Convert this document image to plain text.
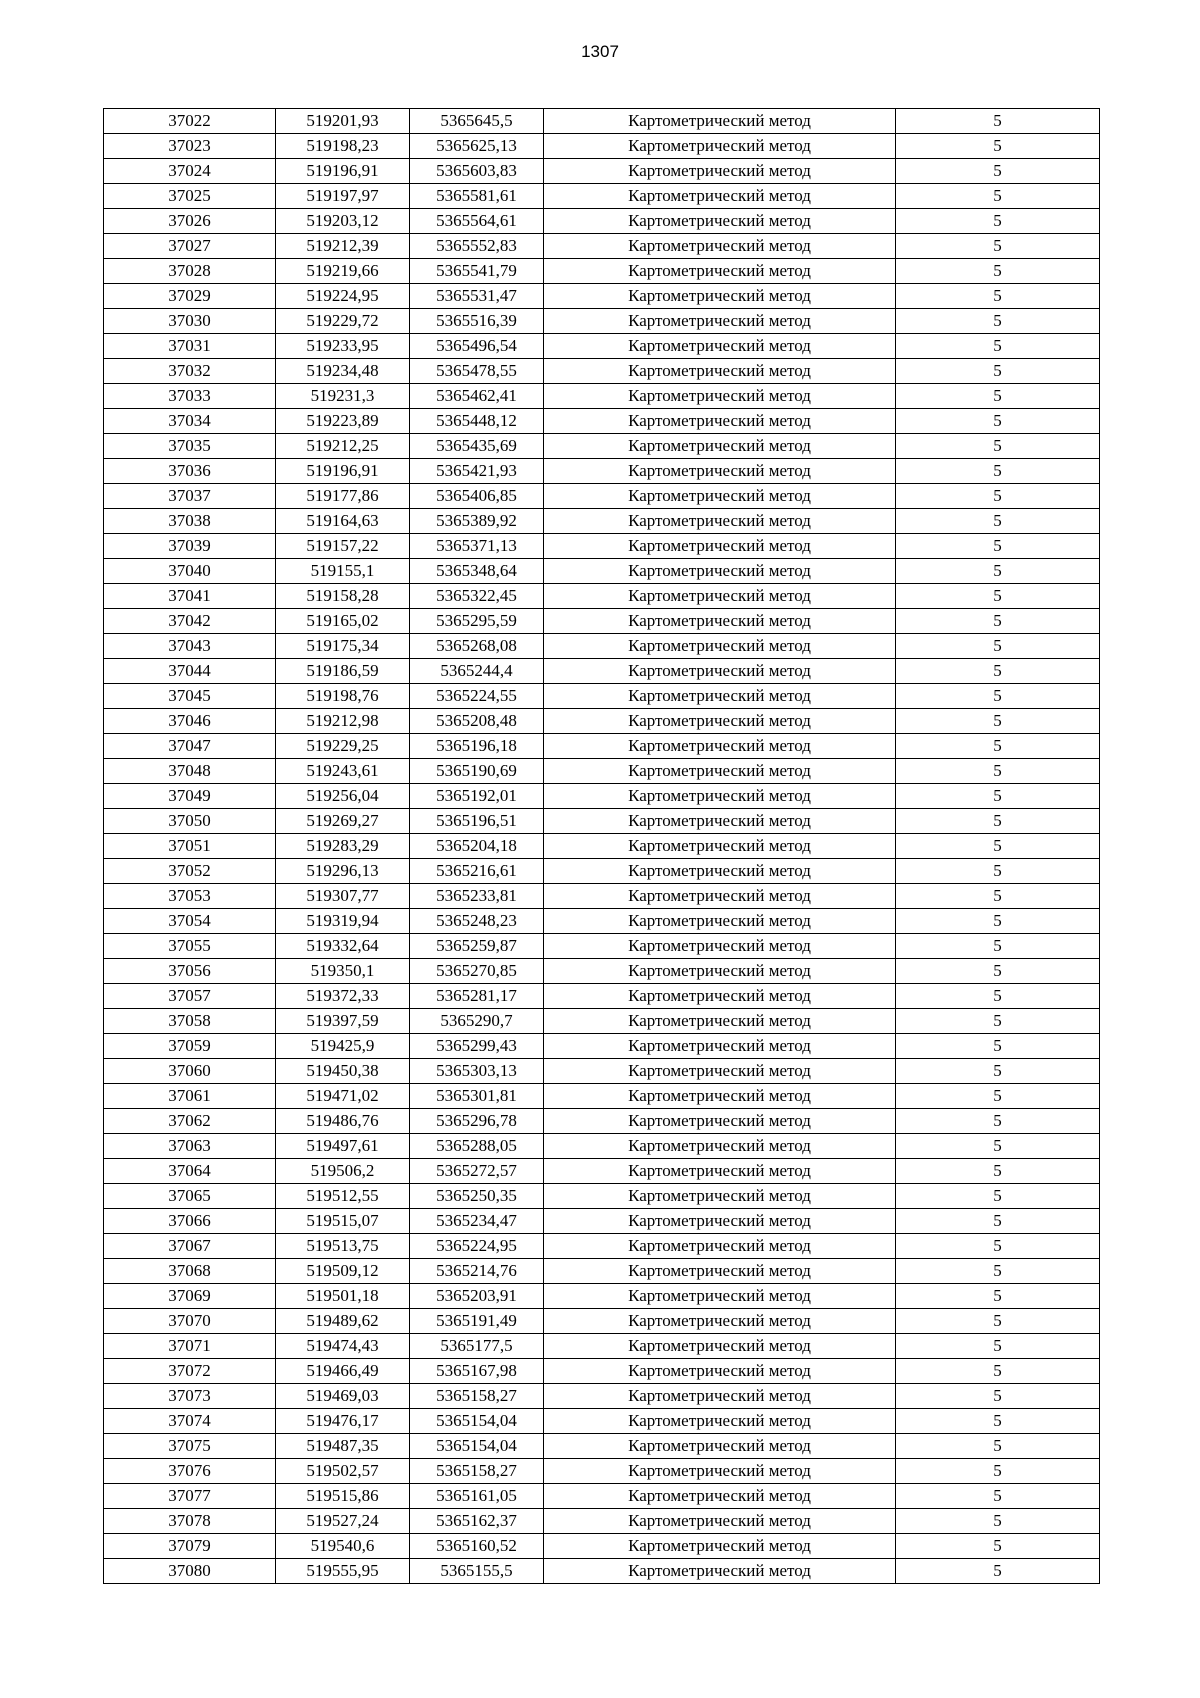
1307
37022	519201,93	5365645,5	Картометрический метод	5
37023	519198,23	5365625,13	Картометрический метод	5
37024	519196,91	5365603,83	Картометрический метод	5
37025	519197,97	5365581,61	Картометрический метод	5
37026	519203,12	5365564,61	Картометрический метод	5
37027	519212,39	5365552,83	Картометрический метод	5
37028	519219,66	5365541,79	Картометрический метод	5
37029	519224,95	5365531,47	Картометрический метод	5
37030	519229,72	5365516,39	Картометрический метод	5
37031	519233,95	5365496,54	Картометрический метод	5
37032	519234,48	5365478,55	Картометрический метод	5
37033	519231,3	5365462,41	Картометрический метод	5
37034	519223,89	5365448,12	Картометрический метод	5
37035	519212,25	5365435,69	Картометрический метод	5
37036	519196,91	5365421,93	Картометрический метод	5
37037	519177,86	5365406,85	Картометрический метод	5
37038	519164,63	5365389,92	Картометрический метод	5
37039	519157,22	5365371,13	Картометрический метод	5
37040	519155,1	5365348,64	Картометрический метод	5
37041	519158,28	5365322,45	Картометрический метод	5
37042	519165,02	5365295,59	Картометрический метод	5
37043	519175,34	5365268,08	Картометрический метод	5
37044	519186,59	5365244,4	Картометрический метод	5
37045	519198,76	5365224,55	Картометрический метод	5
37046	519212,98	5365208,48	Картометрический метод	5
37047	519229,25	5365196,18	Картометрический метод	5
37048	519243,61	5365190,69	Картометрический метод	5
37049	519256,04	5365192,01	Картометрический метод	5
37050	519269,27	5365196,51	Картометрический метод	5
37051	519283,29	5365204,18	Картометрический метод	5
37052	519296,13	5365216,61	Картометрический метод	5
37053	519307,77	5365233,81	Картометрический метод	5
37054	519319,94	5365248,23	Картометрический метод	5
37055	519332,64	5365259,87	Картометрический метод	5
37056	519350,1	5365270,85	Картометрический метод	5
37057	519372,33	5365281,17	Картометрический метод	5
37058	519397,59	5365290,7	Картометрический метод	5
37059	519425,9	5365299,43	Картометрический метод	5
37060	519450,38	5365303,13	Картометрический метод	5
37061	519471,02	5365301,81	Картометрический метод	5
37062	519486,76	5365296,78	Картометрический метод	5
37063	519497,61	5365288,05	Картометрический метод	5
37064	519506,2	5365272,57	Картометрический метод	5
37065	519512,55	5365250,35	Картометрический метод	5
37066	519515,07	5365234,47	Картометрический метод	5
37067	519513,75	5365224,95	Картометрический метод	5
37068	519509,12	5365214,76	Картометрический метод	5
37069	519501,18	5365203,91	Картометрический метод	5
37070	519489,62	5365191,49	Картометрический метод	5
37071	519474,43	5365177,5	Картометрический метод	5
37072	519466,49	5365167,98	Картометрический метод	5
37073	519469,03	5365158,27	Картометрический метод	5
37074	519476,17	5365154,04	Картометрический метод	5
37075	519487,35	5365154,04	Картометрический метод	5
37076	519502,57	5365158,27	Картометрический метод	5
37077	519515,86	5365161,05	Картометрический метод	5
37078	519527,24	5365162,37	Картометрический метод	5
37079	519540,6	5365160,52	Картометрический метод	5
37080	519555,95	5365155,5	Картометрический метод	5
